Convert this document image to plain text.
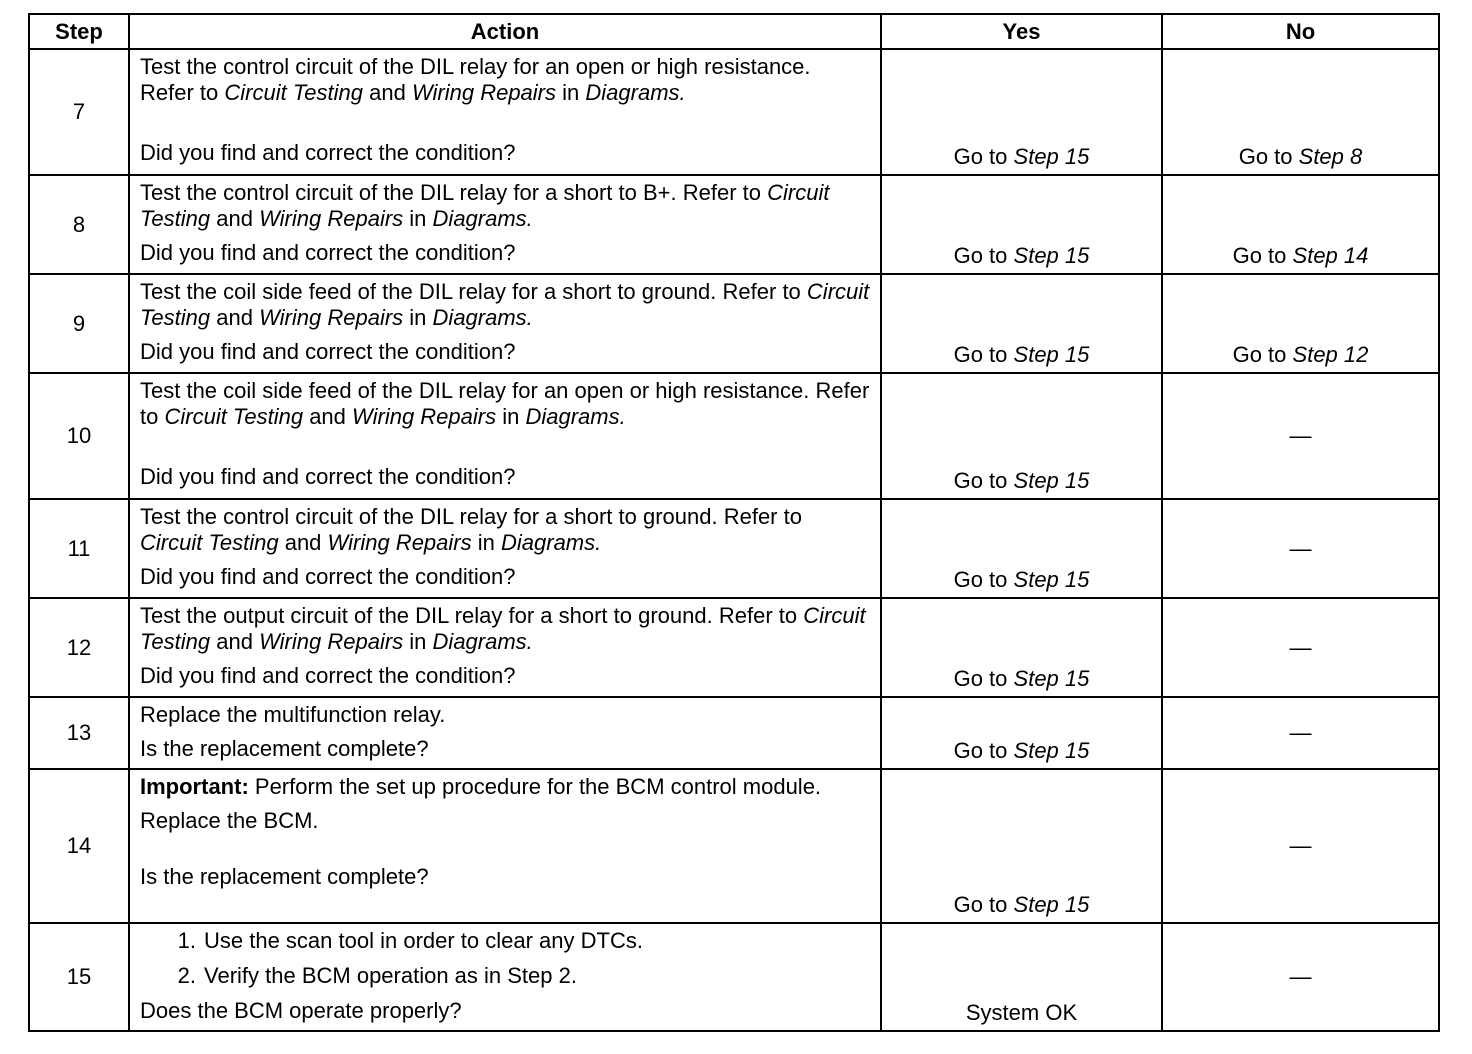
Step	Action	Yes	No
7	Test the control circuit of the DIL relay for an open or high resistance. Refer to Circuit Testing and Wiring Repairs in Diagrams.
Did you find and correct the condition?	Go to Step 15	Go to Step 8
8	Test the control circuit of the DIL relay for a short to B+. Refer to Circuit Testing and Wiring Repairs in Diagrams.
Did you find and correct the condition?	Go to Step 15	Go to Step 14
9	Test the coil side feed of the DIL relay for a short to ground. Refer to Circuit Testing and Wiring Repairs in Diagrams.
Did you find and correct the condition?	Go to Step 15	Go to Step 12
10	Test the coil side feed of the DIL relay for an open or high resistance. Refer to Circuit Testing and Wiring Repairs in Diagrams.
Did you find and correct the condition?	Go to Step 15	—
11	Test the control circuit of the DIL relay for a short to ground. Refer to Circuit Testing and Wiring Repairs in Diagrams.
Did you find and correct the condition?	Go to Step 15	—
12	Test the output circuit of the DIL relay for a short to ground. Refer to Circuit Testing and Wiring Repairs in Diagrams.
Did you find and correct the condition?	Go to Step 15	—
13	Replace the multifunction relay.
Is the replacement complete?	Go to Step 15	—
14	Important: Perform the set up procedure for the BCM control module.
Replace the BCM.
Is the replacement complete?	Go to Step 15	—
15	1. Use the scan tool in order to clear any DTCs.
2. Verify the BCM operation as in Step 2.
Does the BCM operate properly?	System OK	—
